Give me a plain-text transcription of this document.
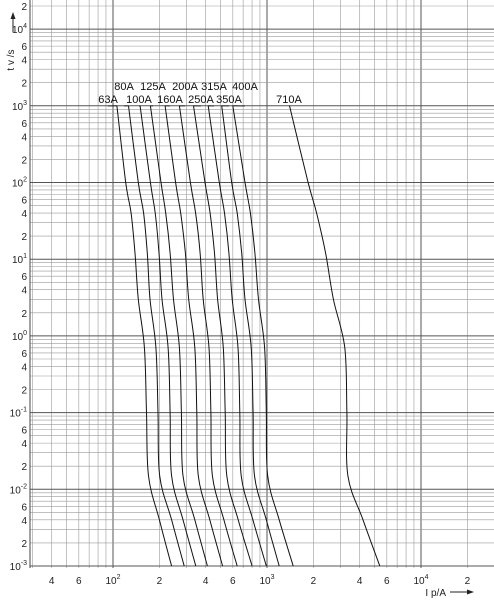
4 6 $10^2$	2	4 6 $10^3$	2	4 6 $10^4$	2
2
$10^4$
6
4
2
$10^3$
6
4
2
$10^2$
6
4
2
$10^1$
6
4
2
$10^0$
6
4
2
$10^{-1}$
6
4
2
$10^{-2}$
6
4
2
$10^{-3}$
63A
80A
100A
125A
160A
200A
250A
315A
350A
400A
710A
t v /s
I p/A
